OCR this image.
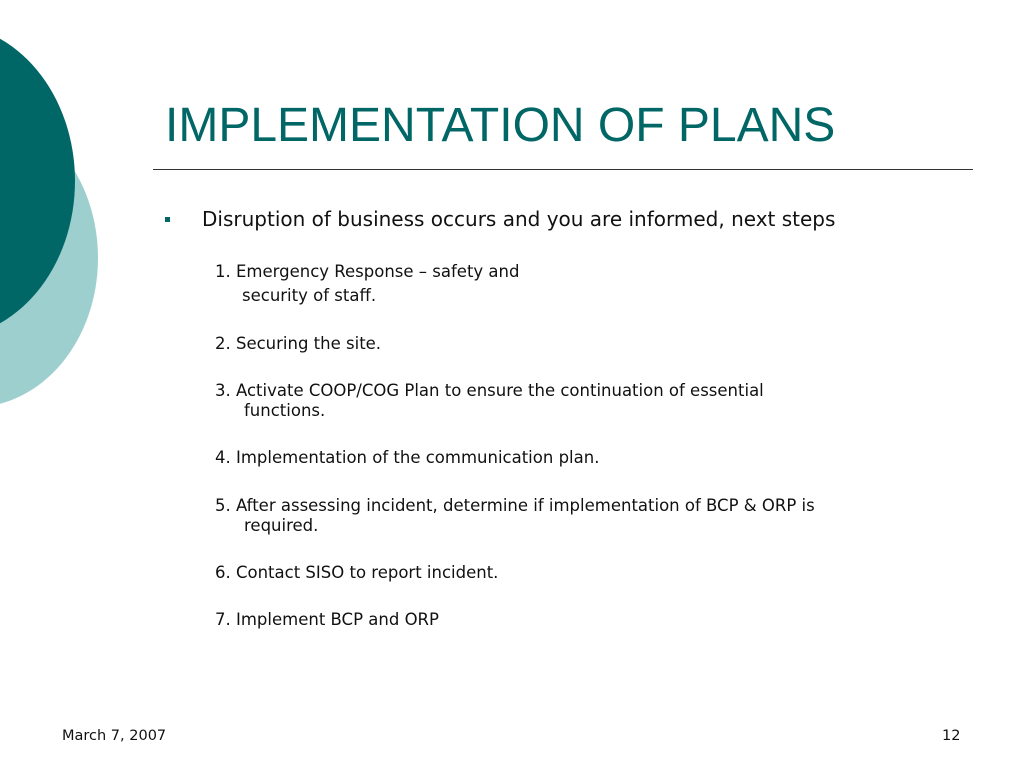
IMPLEMENTATION OF PLANS
Disruption of business occurs and you are informed, next steps
1. Emergency Response – safety and
security of staff.
2. Securing the site.
3. Activate COOP/COG Plan to ensure the continuation of essential
functions.
4. Implementation of the communication plan.
5. After assessing incident, determine if implementation of BCP & ORP is
required.
6. Contact SISO to report incident.
7. Implement BCP and ORP
March 7, 2007	12
